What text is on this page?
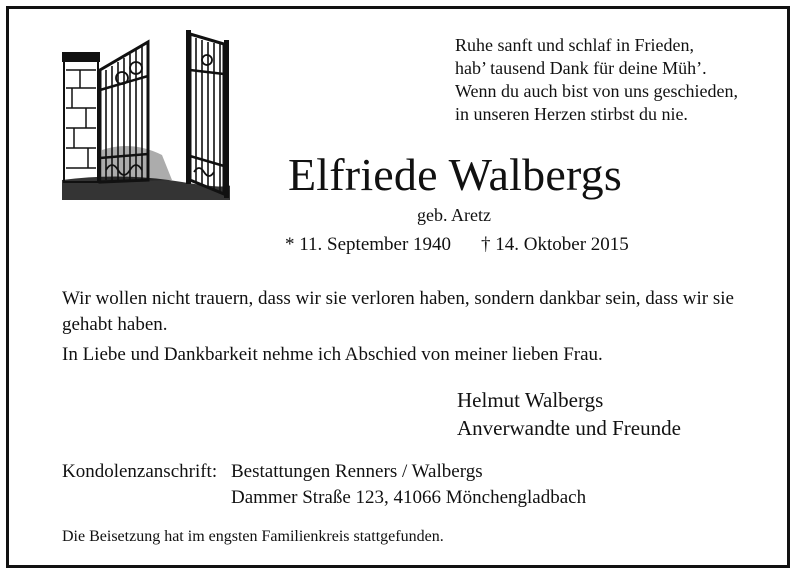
Ruhe sanft und schlaf in Frieden,
hab’ tausend Dank für deine Müh’.
Wenn du auch bist von uns geschieden,
in unseren Herzen stirbst du nie.
Elfriede Walbergs
geb. Aretz
* 11. September 1940 † 14. Oktober 2015
Wir wollen nicht trauern, dass wir sie verloren haben, sondern dankbar sein, dass wir sie gehabt haben.
In Liebe und Dankbarkeit nehme ich Abschied von meiner lieben Frau.
Helmut Walbergs
Anverwandte und Freunde
Kondolenzanschrift: Bestattungen Renners / Walbergs
Dammer Straße 123, 41066 Mönchengladbach
Die Beisetzung hat im engsten Familienkreis stattgefunden.
